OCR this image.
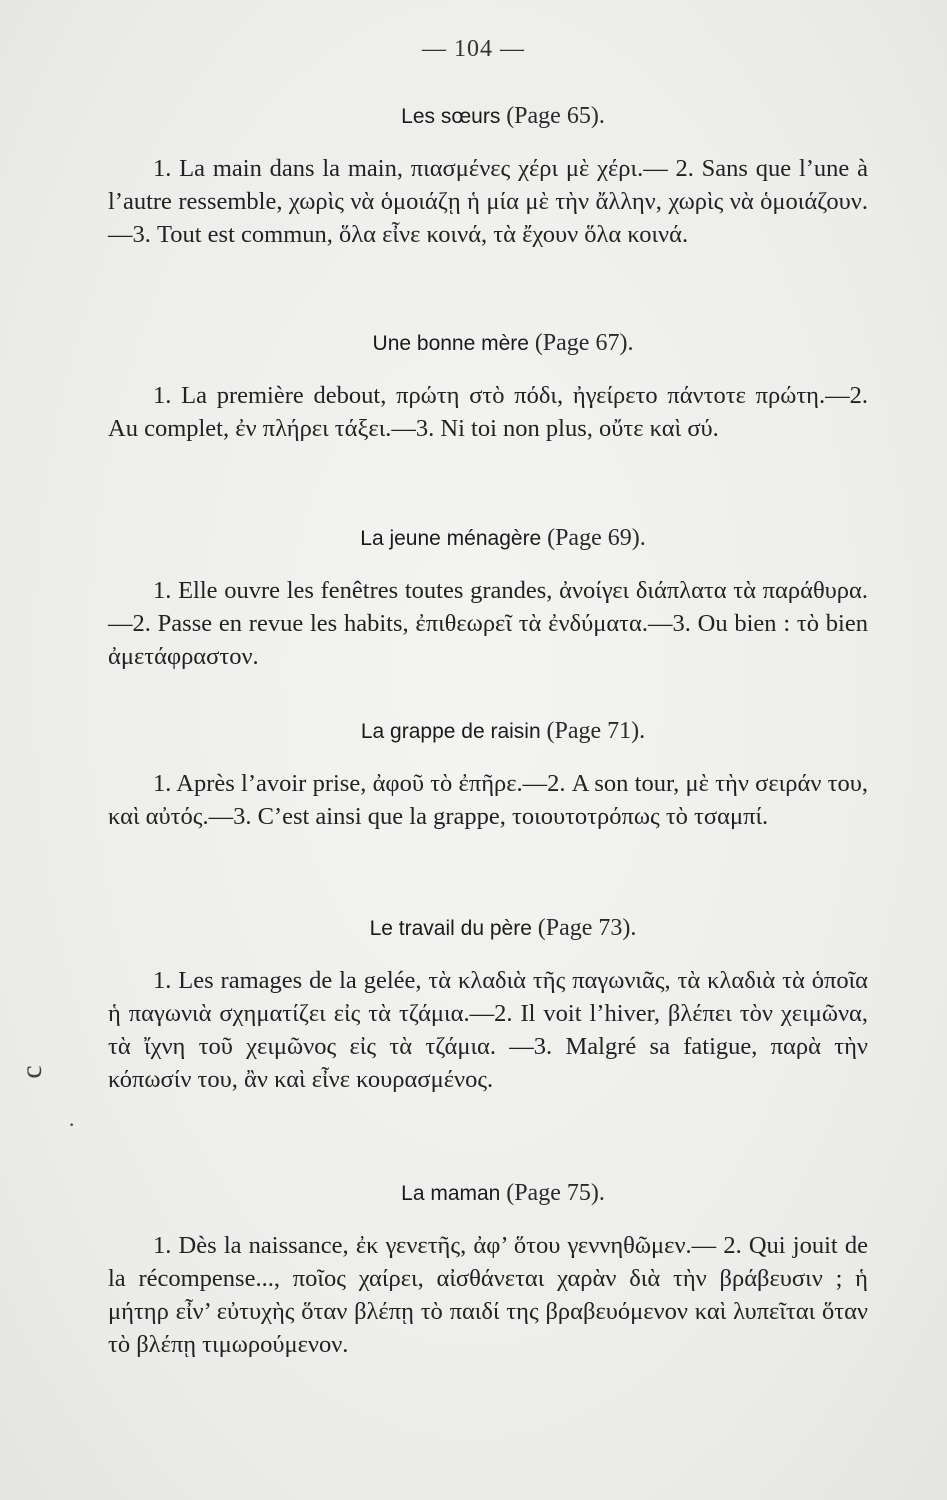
— 104 —
Les sœurs (Page 65).

1. La main dans la main, πιασμένες χέρι μὲ χέρι.— 2. Sans que l’une à l’autre ressemble, χωρὶς νὰ ὁμοιάζῃ ἡ μία μὲ τὴν ἄλλην, χωρὶς νὰ ὁμοιάζουν.—3. Tout est commun, ὅλα εἶνε κοινά, τὰ ἔχουν ὅλα κοινά.

Une bonne mère (Page 67).

1. La première debout, πρώτη στὸ πόδι, ἠγείρετο πάντοτε πρώτη.—2. Au complet, ἐν πλήρει τάξει.—3. Ni toi non plus, οὔτε καὶ σύ.

La jeune ménagère (Page 69).

1. Elle ouvre les fenêtres toutes grandes, ἀνοίγει διάπλατα τὰ παράθυρα.—2. Passe en revue les habits, ἐπιθεωρεῖ τὰ ἐνδύματα.—3. Ou bien : τὸ bien ἀμετάφραστον.

La grappe de raisin (Page 71).

1. Après l’avoir prise, ἀφοῦ τὸ ἐπῆρε.—2. A son tour, μὲ τὴν σειράν του, καὶ αὐτός.—3. C’est ainsi que la grappe, τοιουτοτρόπως τὸ τσαμπί.

Le travail du père (Page 73).

1. Les ramages de la gelée, τὰ κλαδιὰ τῆς παγωνιᾶς, τὰ κλαδιὰ τὰ ὁποῖα ἡ παγωνιὰ σχηματίζει εἰς τὰ τζάμια.—2. Il voit l’hiver, βλέπει τὸν χειμῶνα, τὰ ἴχνη τοῦ χειμῶνος εἰς τὰ τζάμια. —3. Malgré sa fatigue, παρὰ τὴν κόπωσίν του, ἂν καὶ εἶνε κουρασμένος.

La maman (Page 75).

1. Dès la naissance, ἐκ γενετῆς, ἀφ’ ὅτου γεννηθῶμεν.— 2. Qui jouit de la récompense..., ποῖος χαίρει, αἰσθάνεται χαρὰν διὰ τὴν βράβευσιν ; ἡ μήτηρ εἶν’ εὐτυχὴς ὅταν βλέπῃ τὸ παιδί της βραβευόμενον καὶ λυπεῖται ὅταν τὸ βλέπῃ τιμωρούμενον.

ɔ
·
